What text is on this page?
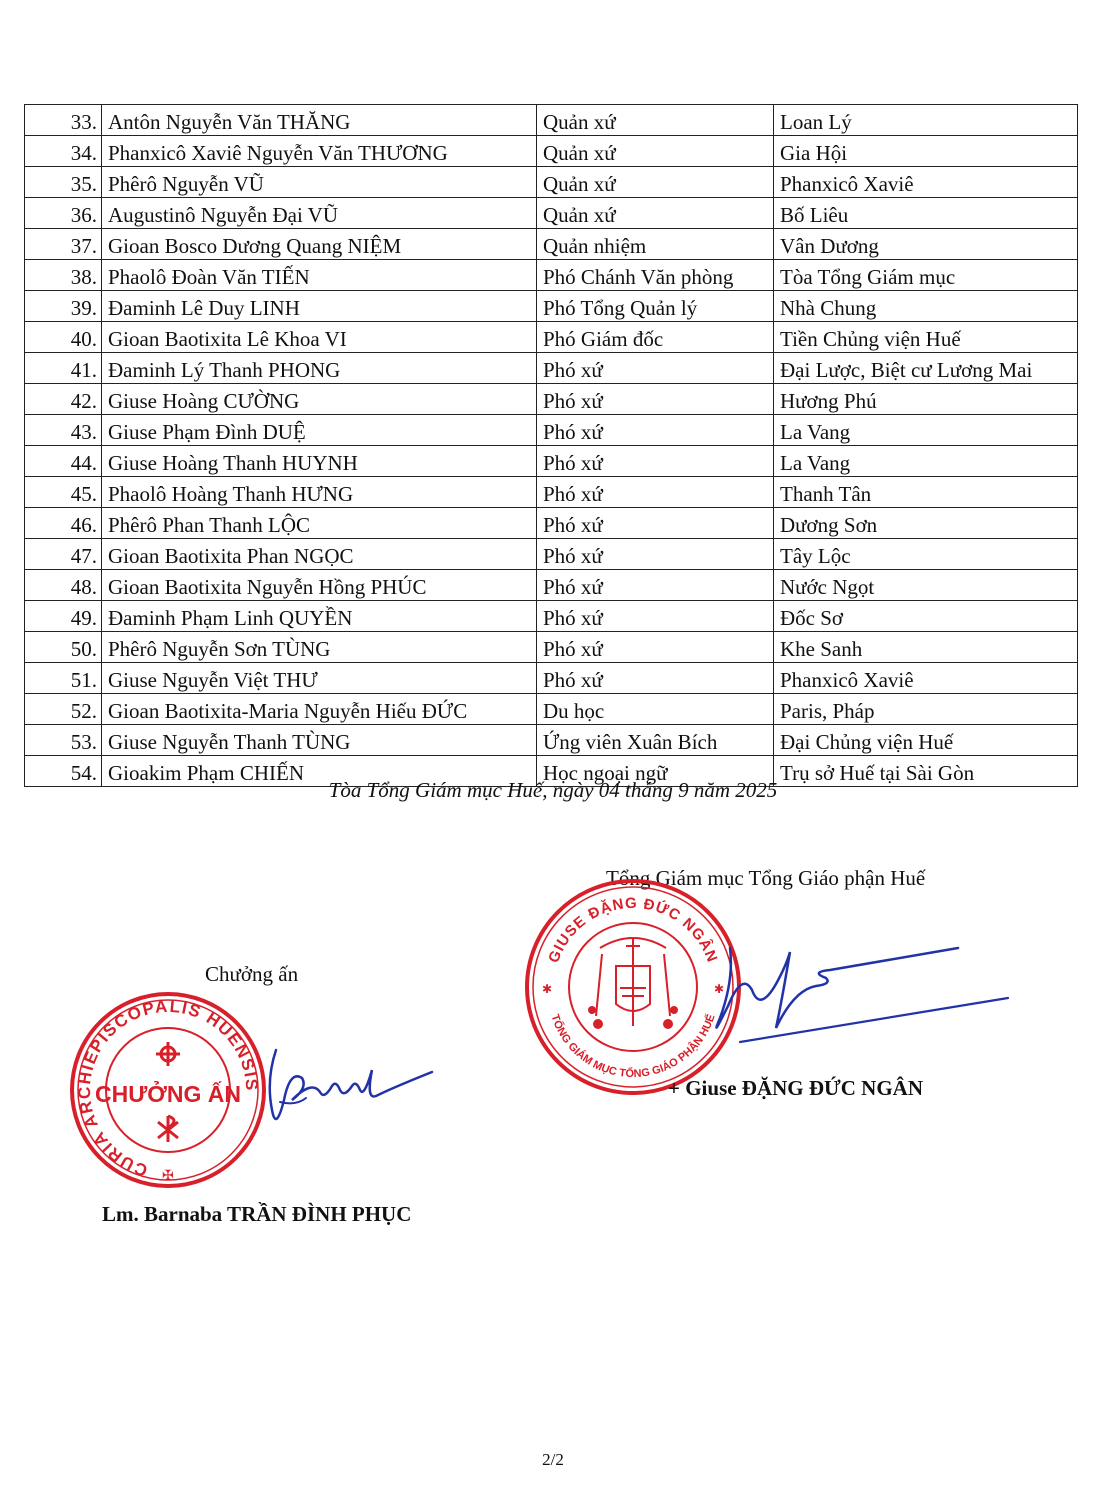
33.	Antôn Nguyễn Văn THĂNG	Quản xứ	Loan Lý
34.	Phanxicô Xaviê Nguyễn Văn THƯƠNG	Quản xứ	Gia Hội
35.	Phêrô Nguyễn VŨ	Quản xứ	Phanxicô Xaviê
36.	Augustinô Nguyễn Đại VŨ	Quản xứ	Bố Liêu
37.	Gioan Bosco Dương Quang NIỆM	Quản nhiệm	Vân Dương
38.	Phaolô Đoàn Văn TIẾN	Phó Chánh Văn phòng	Tòa Tổng Giám mục
39.	Đaminh Lê Duy LINH	Phó Tổng Quản lý	Nhà Chung
40.	Gioan Baotixita Lê Khoa VI	Phó Giám đốc	Tiền Chủng viện Huế
41.	Đaminh Lý Thanh PHONG	Phó xứ	Đại Lược, Biệt cư Lương Mai
42.	Giuse Hoàng CƯỜNG	Phó xứ	Hương Phú
43.	Giuse Phạm Đình DUỆ	Phó xứ	La Vang
44.	Giuse Hoàng Thanh HUYNH	Phó xứ	La Vang
45.	Phaolô Hoàng Thanh HƯNG	Phó xứ	Thanh Tân
46.	Phêrô Phan Thanh LỘC	Phó xứ	Dương Sơn
47.	Gioan Baotixita Phan NGỌC	Phó xứ	Tây Lộc
48.	Gioan Baotixita Nguyễn Hồng PHÚC	Phó xứ	Nước Ngọt
49.	Đaminh Phạm Linh QUYỀN	Phó xứ	Đốc Sơ
50.	Phêrô Nguyễn Sơn TÙNG	Phó xứ	Khe Sanh
51.	Giuse Nguyễn Việt THƯ	Phó xứ	Phanxicô Xaviê
52.	Gioan Baotixita-Maria Nguyễn Hiếu ĐỨC	Du học	Paris, Pháp
53.	Giuse Nguyễn Thanh TÙNG	Ứng viên Xuân Bích	Đại Chủng viện Huế
54.	Gioakim Phạm CHIẾN	Học ngoại ngữ	Trụ sở Huế tại Sài Gòn
Tòa Tổng Giám mục Huế, ngày 04 tháng 9 năm 2025
Tổng Giám mục Tổng Giáo phận Huế
GIUSE ĐẶNG ĐỨC NGÂN
TỔNG GIÁM MỤC TỔNG GIÁO PHẬN HUẾ
✱	✱
+ Giuse ĐẶNG ĐỨC NGÂN
Chưởng ấn
CURIA ARCHIEPISCOPALIS HUENSIS
CHƯỞNG ẤN
✠
Lm. Barnaba TRẦN ĐÌNH PHỤC
2/2
